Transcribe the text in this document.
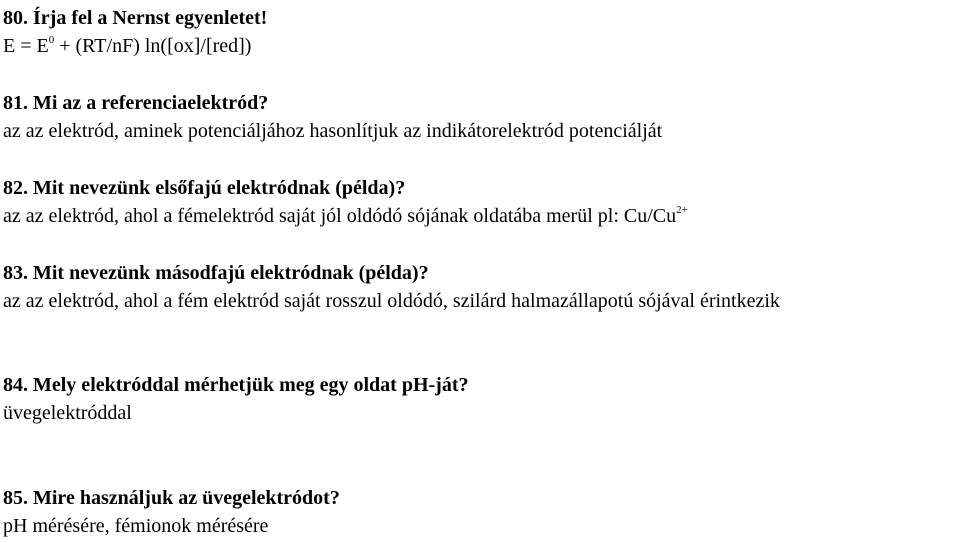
80. Írja fel a Nernst egyenletet!
$E = E^0 + (RT/nF)$ ln([ox]/[red])
81. Mi az a referenciaelektród?
az az elektród, aminek potenciáljához hasonlítjuk az indikátorelektród potenciálját
82. Mit nevezünk elsőfajú elektródnak (példa)?
az az elektród, ahol a fémelektród saját jól oldódó sójának oldatába merül pl: $Cu/Cu^{2+}$
83. Mit nevezünk másodfajú elektródnak (példa)?
az az elektród, ahol a fém elektród saját rosszul oldódó, szilárd halmazállapotú sójával érintkezik
84. Mely elektróddal mérhetjük meg egy oldat pH-ját?
üvegelektróddal
85. Mire használjuk az üvegelektródot?
pH mérésére, fémionok mérésére
